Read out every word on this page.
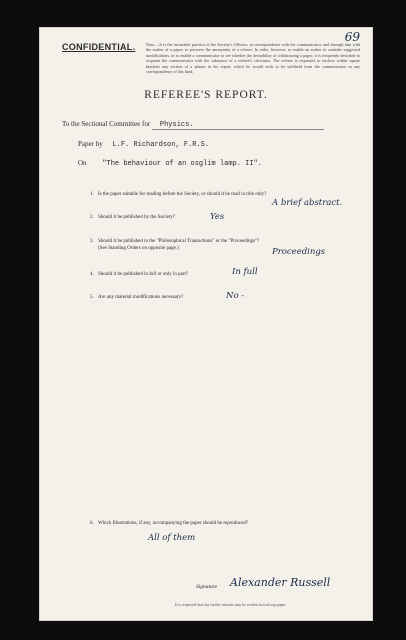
69
CONFIDENTIAL.	Note.—It is the invariable practice of the Society's Officers, in correspondence with the communicator, and through him with the author of a paper, to preserve the anonymity of a referee. In order, however, to enable an author to consider suggested modifications, or to enable a communicator to see whether the desirability of withdrawing a paper, it is frequently desirable to acquaint the communicator with the substance of a referee's criticisms. The referee is requested to enclose within square brackets any section of a phrase in his report, which he would wish to be withheld from the communicator in any correspondence of this kind.
REFEREE'S REPORT.
To the Sectional Committee for Physics.
Paper by L.F. Richardson, F.R.S.
On "The behaviour of an osglim lamp. II".
1. Is the paper suitable for reading before the Society, or should it be read in title only?
A brief abstract.
2. Should it be published by the Society?	Yes
3. Should it be published in the "Philosophical Transactions" or the "Proceedings"?
(See Standing Orders on opposite page.)	Proceedings
4. Should it be published in full or only in part?	In full
5. Are any material modifications necessary?	No -
6. Which Illustrations, if any, accompanying the paper should be reproduced?
All of them
Signature Alexander Russell
It is requested that any further remarks may be written on foolscap paper.
